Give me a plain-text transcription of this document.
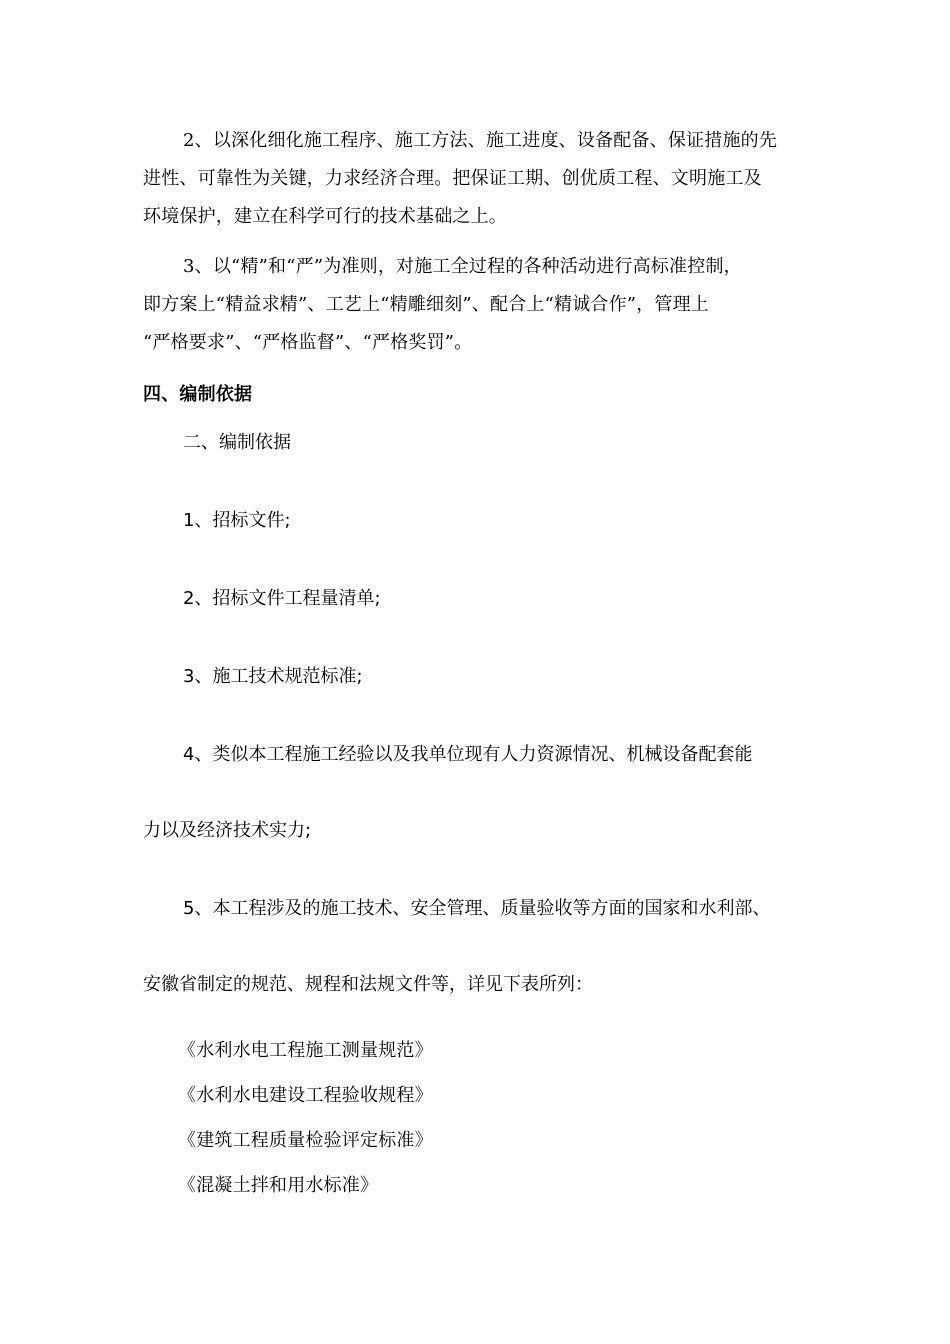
2、以深化细化施工程序、施工方法、施工进度、设备配备、保证措施的先

进性、可靠性为关键，力求经济合理。把保证工期、创优质工程、文明施工及

环境保护，建立在科学可行的技术基础之上。

3、以“精”和“严”为准则，对施工全过程的各种活动进行高标准控制，

即方案上“精益求精”、工艺上“精雕细刻”、配合上“精诚合作”，管理上

“严格要求”、“严格监督”、“严格奖罚”。

四、编制依据

二、编制依据

1、招标文件;

2、招标文件工程量清单;

3、施工技术规范标准;

4、类似本工程施工经验以及我单位现有人力资源情况、机械设备配套能

力以及经济技术实力;

5、本工程涉及的施工技术、安全管理、质量验收等方面的国家和水利部、

安徽省制定的规范、规程和法规文件等，详见下表所列：

《水利水电工程施工测量规范》

《水利水电建设工程验收规程》

《建筑工程质量检验评定标准》

《混凝土拌和用水标准》
